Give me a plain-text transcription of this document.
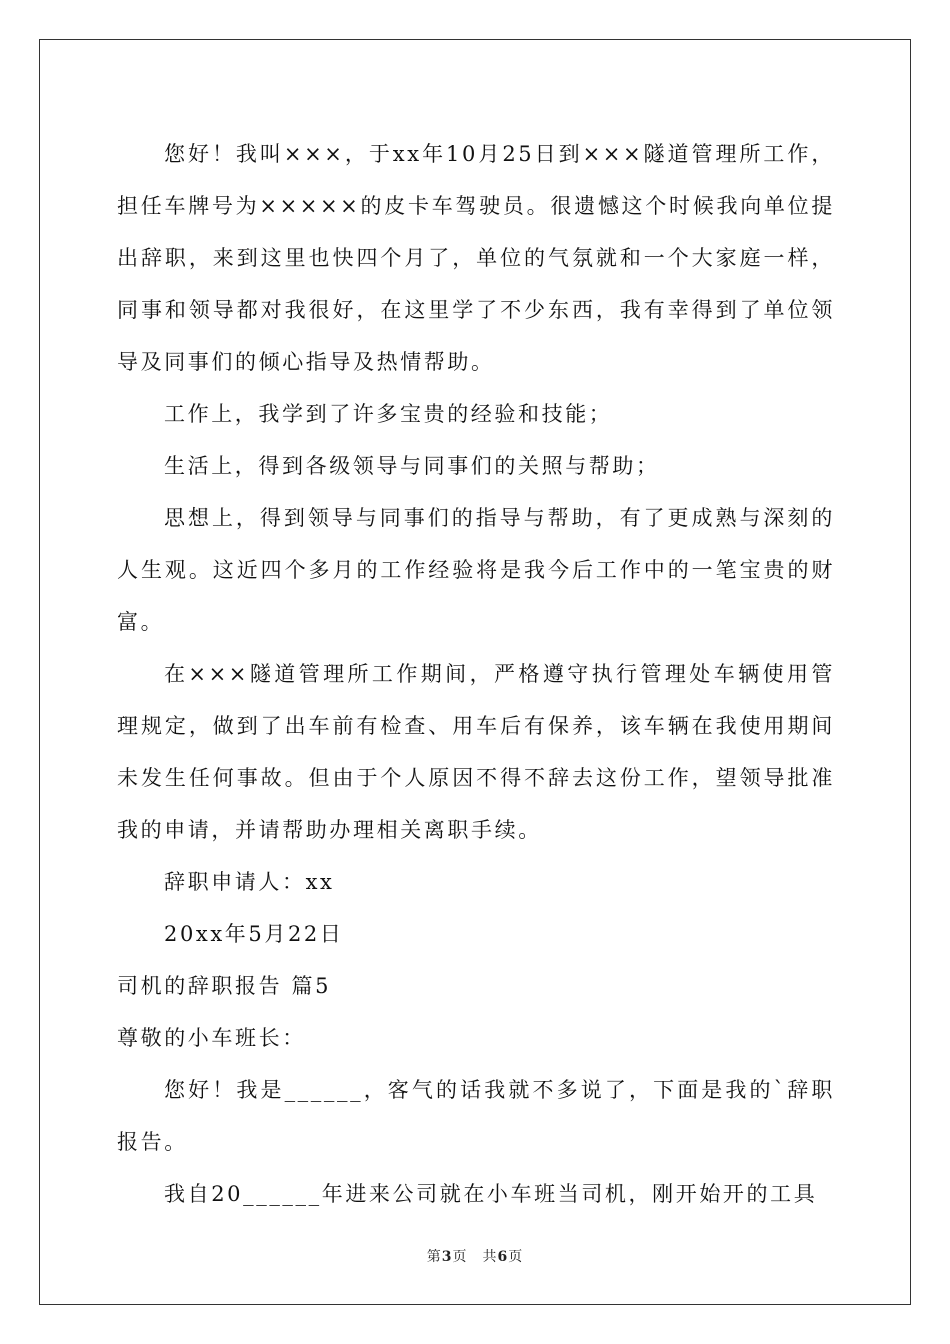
您好！我叫×××，于xx年10月25日到×××隧道管理所工作，担任车牌号为×××××的皮卡车驾驶员。很遗憾这个时候我向单位提出辞职，来到这里也快四个月了，单位的气氛就和一个大家庭一样，同事和领导都对我很好，在这里学了不少东西，我有幸得到了单位领导及同事们的倾心指导及热情帮助。

工作上，我学到了许多宝贵的经验和技能；

生活上，得到各级领导与同事们的关照与帮助；

思想上，得到领导与同事们的指导与帮助，有了更成熟与深刻的人生观。这近四个多月的工作经验将是我今后工作中的一笔宝贵的财富。

在×××隧道管理所工作期间，严格遵守执行管理处车辆使用管理规定，做到了出车前有检查、用车后有保养，该车辆在我使用期间未发生任何事故。但由于个人原因不得不辞去这份工作，望领导批准我的申请，并请帮助办理相关离职手续。

辞职申请人：xx

20xx年5月22日

司机的辞职报告 篇5

尊敬的小车班长：

您好！我是______，客气的话我就不多说了，下面是我的`辞职报告。

我自20______年进来公司就在小车班当司机，刚开始开的工具

第3页　共6页
